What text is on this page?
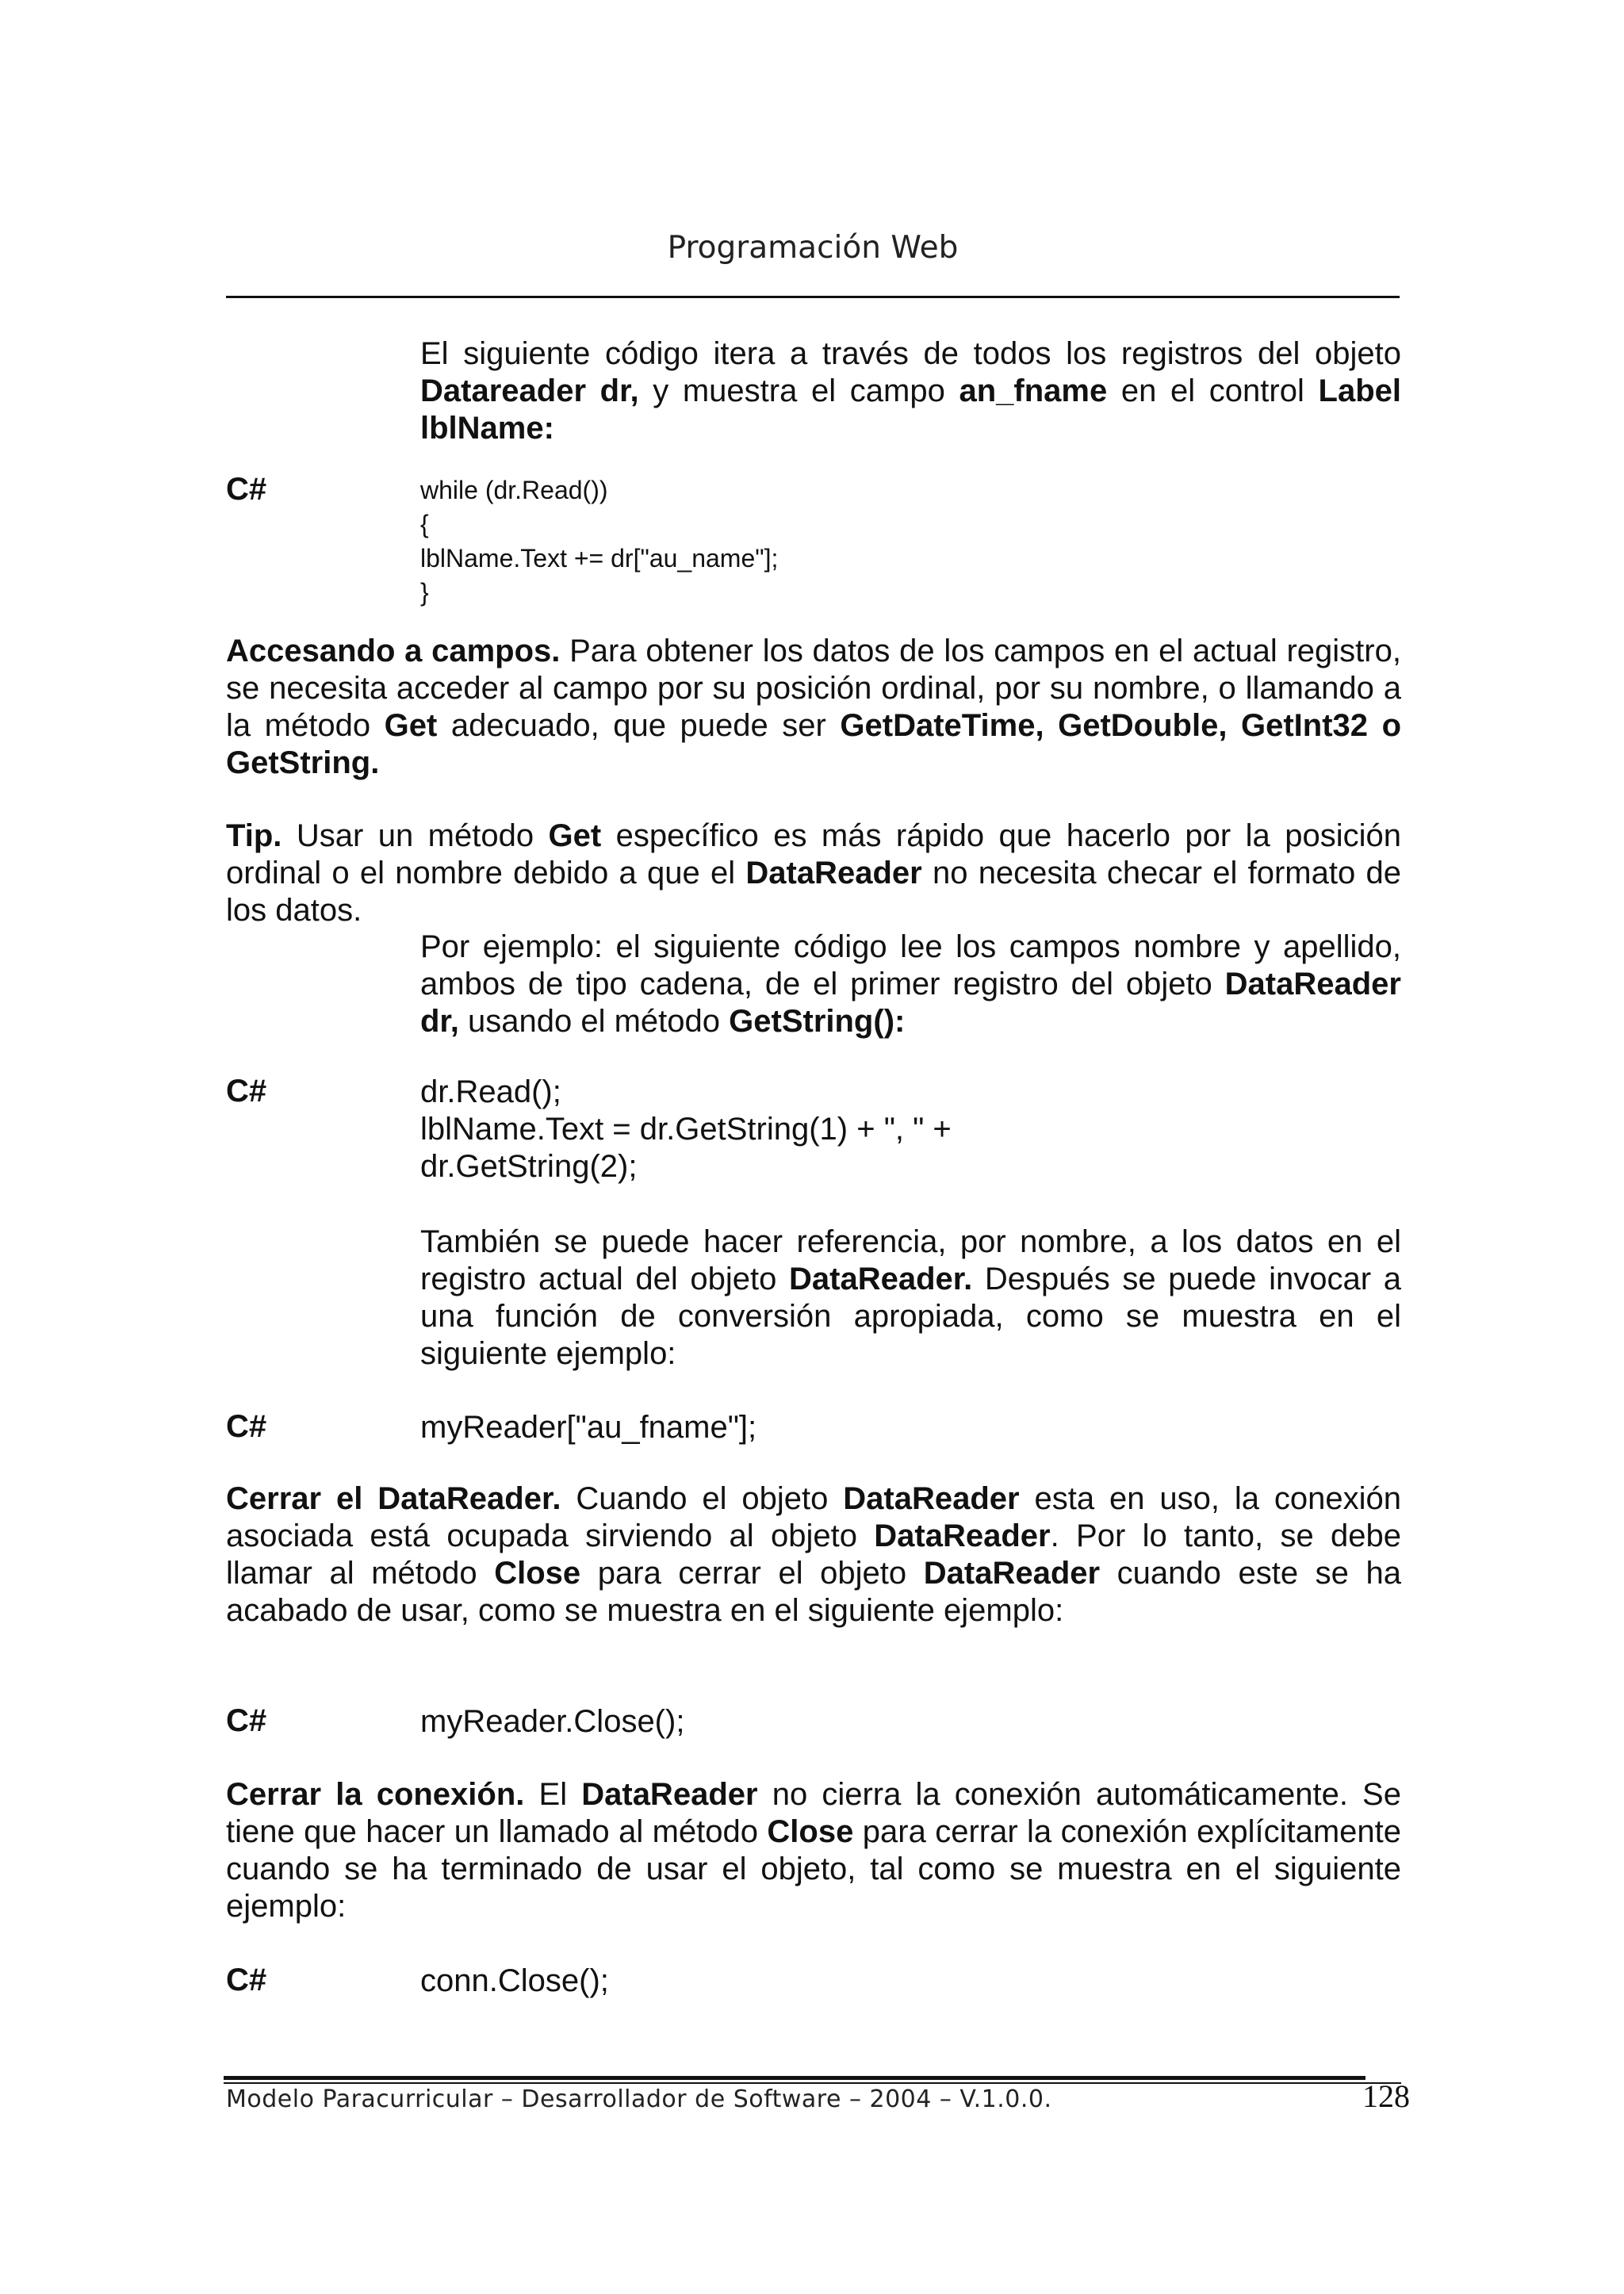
Programación Web
El siguiente código itera a través de todos los registros del objeto Datareader dr, y muestra el campo an_fname en el control Label lblName:
C#	while (dr.Read())
{
lblName.Text += dr["au_name"];
}
Accesando a campos. Para obtener los datos de los campos en el actual registro, se necesita acceder al campo por su posición ordinal, por su nombre, o llamando a la método Get adecuado, que puede ser GetDateTime, GetDouble, GetInt32 o GetString.
Tip. Usar un método Get específico es más rápido que hacerlo por la posición ordinal o el nombre debido a que el DataReader no necesita checar el formato de los datos.
Por ejemplo: el siguiente código lee los campos nombre y apellido, ambos de tipo cadena, de el primer registro del objeto DataReader dr, usando el método GetString():
C#	dr.Read();
lblName.Text = dr.GetString(1) + ", " +
dr.GetString(2);
También se puede hacer referencia, por nombre, a los datos en el registro actual del objeto DataReader. Después se puede invocar a una función de conversión apropiada, como se muestra en el siguiente ejemplo:
C#	myReader["au_fname"];
Cerrar el DataReader. Cuando el objeto DataReader esta en uso, la conexión asociada está ocupada sirviendo al objeto DataReader. Por lo tanto, se debe llamar al método Close para cerrar el objeto DataReader cuando este se ha acabado de usar, como se muestra en el siguiente ejemplo:
C#	myReader.Close();
Cerrar la conexión. El DataReader no cierra la conexión automáticamente. Se tiene que hacer un llamado al método Close para cerrar la conexión explícitamente cuando se ha terminado de usar el objeto, tal como se muestra en el siguiente ejemplo:
C#	conn.Close();
Modelo Paracurricular – Desarrollador de Software – 2004 – V.1.0.0.	128
